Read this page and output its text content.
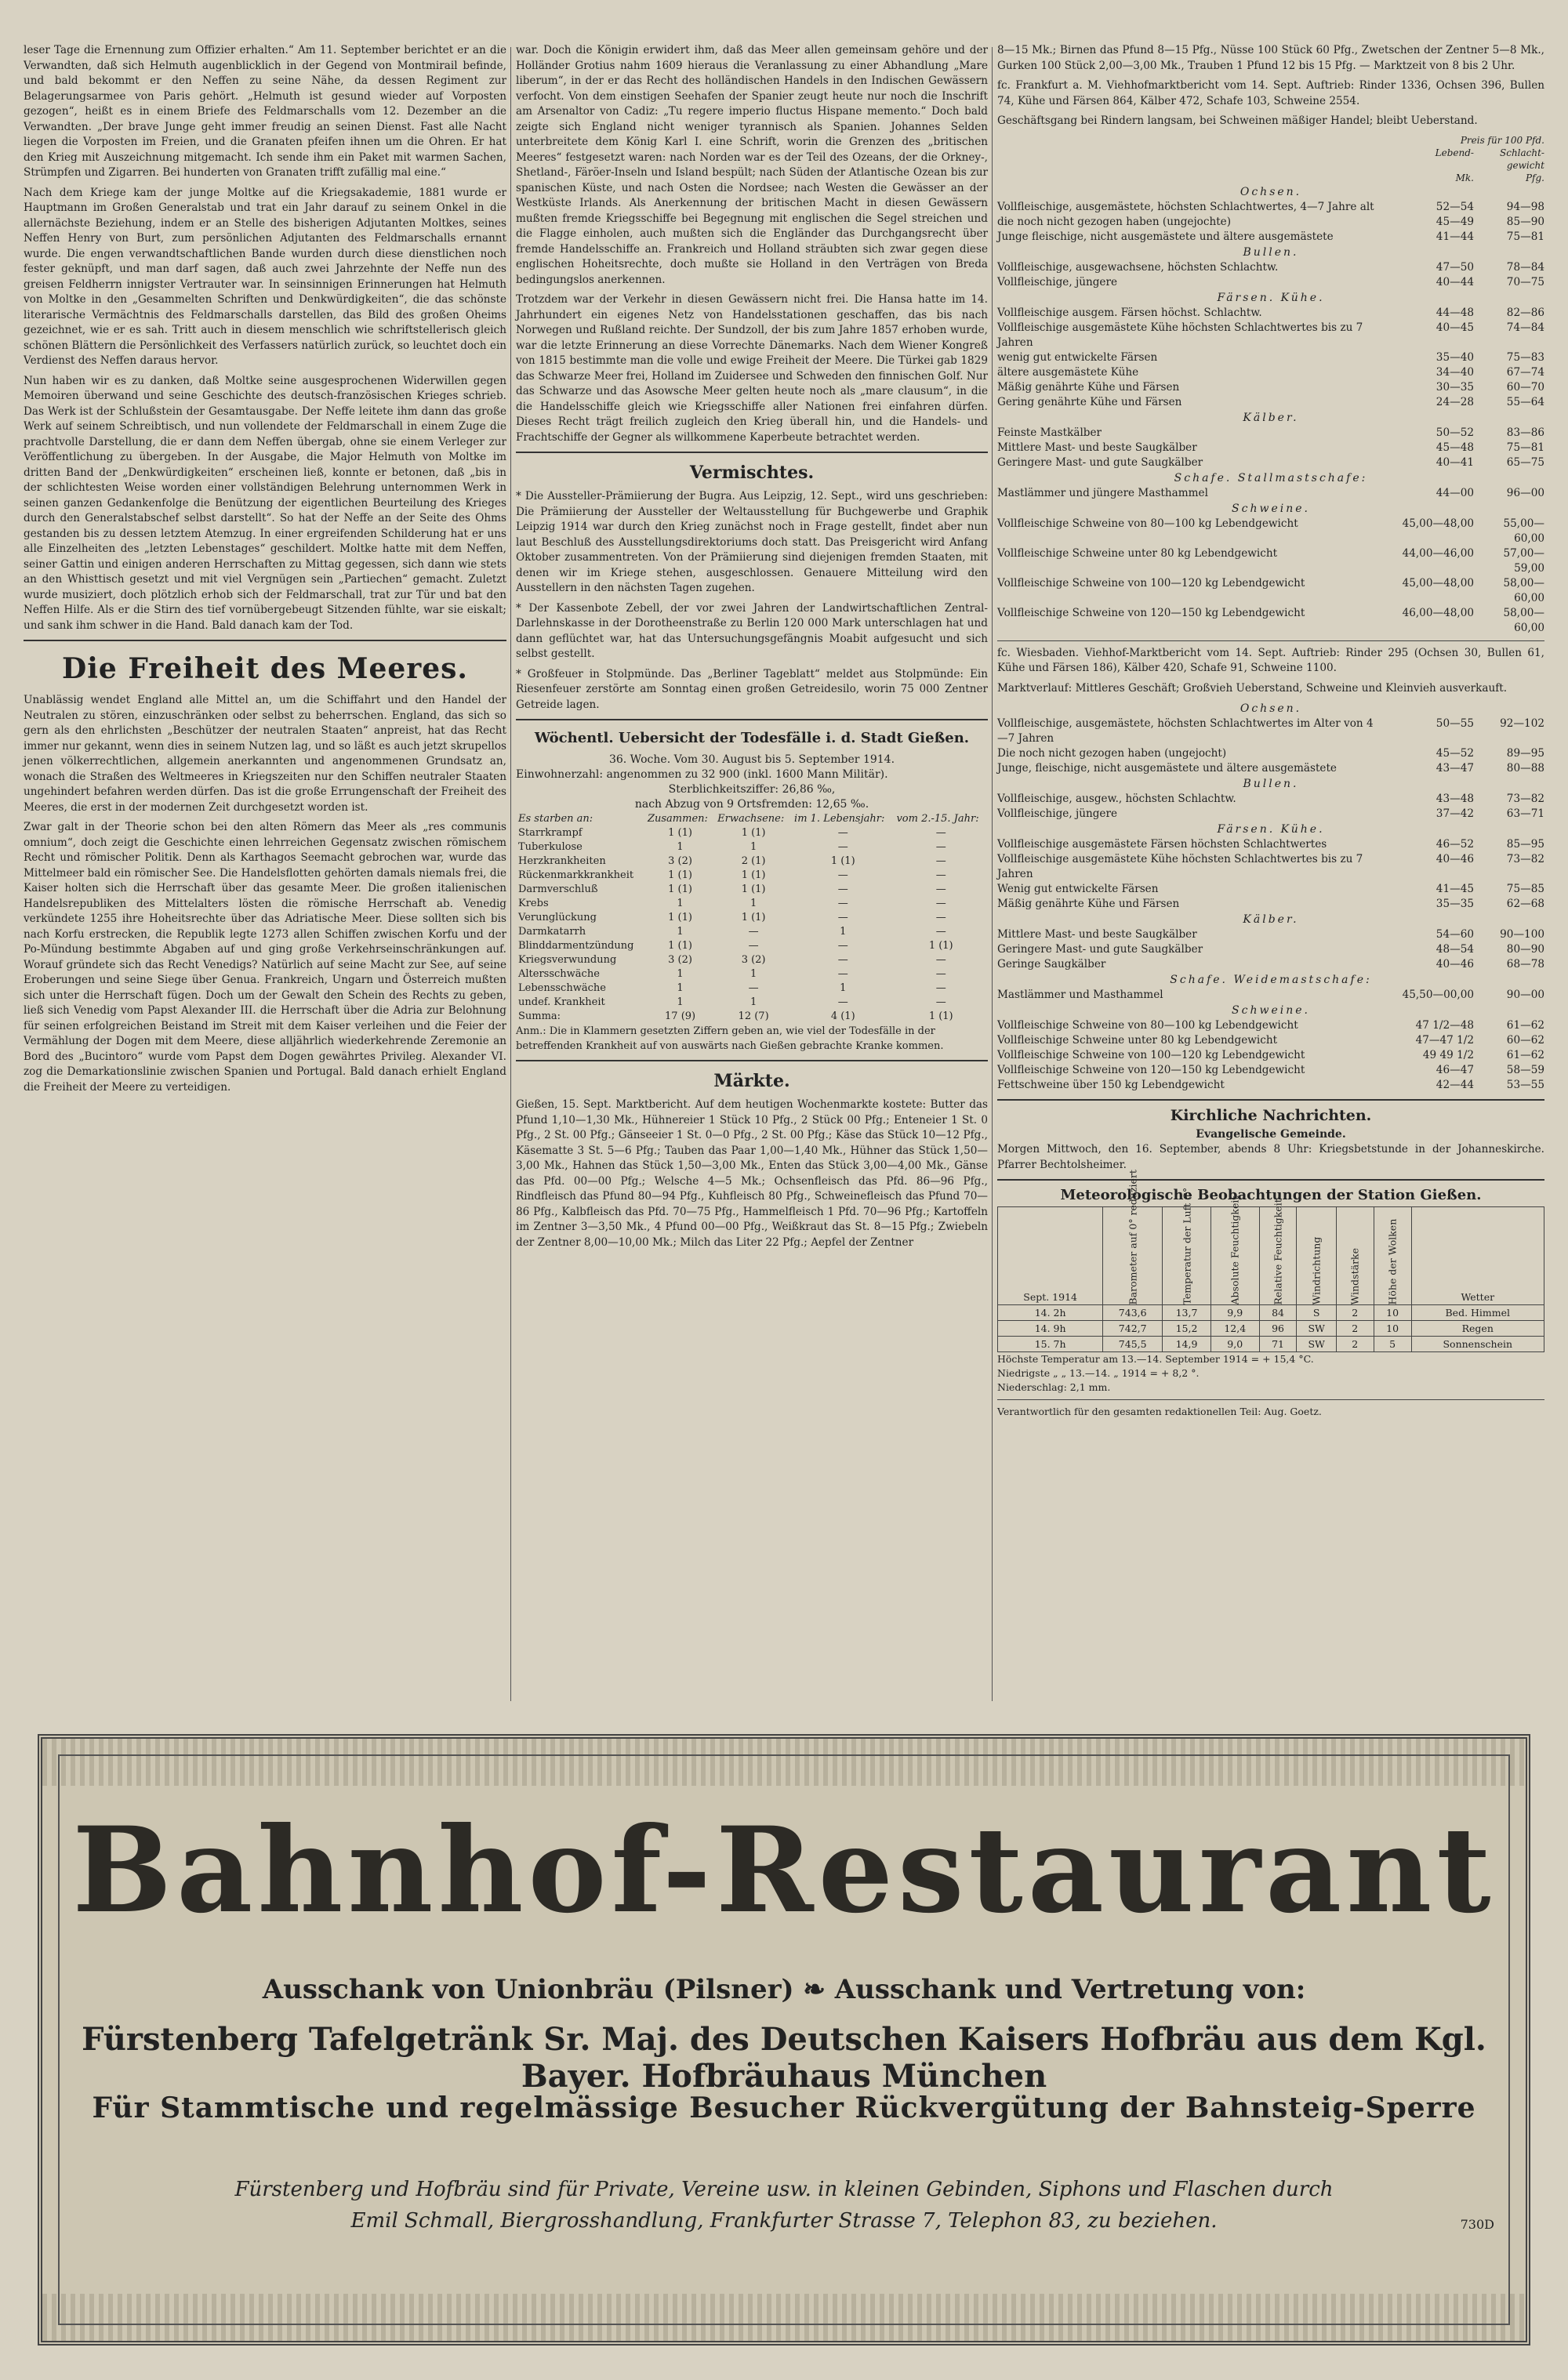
leser Tage die Ernennung zum Offizier erhalten.“ Am 11. September berichtet er an die Verwandten, daß sich Helmuth augenblicklich in der Gegend von Montmirail befinde, und bald bekommt er den Neffen zu seine Nähe, da dessen Regiment zur Belagerungsarmee von Paris gehört. „Helmuth ist gesund wieder auf Vorposten gezogen“, heißt es in einem Briefe des Feldmarschalls vom 12. Dezember an die Verwandten. „Der brave Junge geht immer freudig an seinen Dienst. Fast alle Nacht liegen die Vorposten im Freien, und die Granaten pfeifen ihnen um die Ohren. Er hat den Krieg mit Auszeichnung mitgemacht. Ich sende ihm ein Paket mit warmen Sachen, Strümpfen und Zigarren. Bei hunderten von Granaten trifft zufällig mal eine.“

Nach dem Kriege kam der junge Moltke auf die Kriegsakademie, 1881 wurde er Hauptmann im Großen Generalstab und trat ein Jahr darauf zu seinem Onkel in die allernächste Beziehung, indem er an Stelle des bisherigen Adjutanten Moltkes, seines Neffen Henry von Burt, zum persönlichen Adjutanten des Feldmarschalls ernannt wurde. Die engen verwandtschaftlichen Bande wurden durch diese dienstlichen noch fester geknüpft, und man darf sagen, daß auch zwei Jahrzehnte der Neffe nun des greisen Feldherrn innigster Vertrauter war. In seinsinnigen Erinnerungen hat Helmuth von Moltke in den „Gesammelten Schriften und Denkwürdigkeiten“, die das schönste literarische Vermächtnis des Feldmarschalls darstellen, das Bild des großen Oheims gezeichnet, wie er es sah. Tritt auch in diesem menschlich wie schriftstellerisch gleich schönen Blättern die Persönlichkeit des Verfassers natürlich zurück, so leuchtet doch ein Verdienst des Neffen daraus hervor.

Nun haben wir es zu danken, daß Moltke seine ausgesprochenen Widerwillen gegen Memoiren überwand und seine Geschichte des deutsch-französischen Krieges schrieb. Das Werk ist der Schlußstein der Gesamtausgabe. Der Neffe leitete ihm dann das große Werk auf seinem Schreibtisch, und nun vollendete der Feldmarschall in einem Zuge die prachtvolle Darstellung, die er dann dem Neffen übergab, ohne sie einem Verleger zur Veröffentlichung zu übergeben. In der Ausgabe, die Major Helmuth von Moltke im dritten Band der „Denkwürdigkeiten“ erscheinen ließ, konnte er betonen, daß „bis in der schlichtesten Weise worden einer vollständigen Belehrung unternommen Werk in seinen ganzen Gedankenfolge die Benützung der eigentlichen Beurteilung des Krieges durch den Generalstabschef selbst darstellt“. So hat der Neffe an der Seite des Ohms gestanden bis zu dessen letztem Atemzug. In einer ergreifenden Schilderung hat er uns alle Einzelheiten des „letzten Lebenstages“ geschildert. Moltke hatte mit dem Neffen, seiner Gattin und einigen anderen Herrschaften zu Mittag gegessen, sich dann wie stets an den Whisttisch gesetzt und mit viel Vergnügen sein „Partiechen“ gemacht. Zuletzt wurde musiziert, doch plötzlich erhob sich der Feldmarschall, trat zur Tür und bat den Neffen Hilfe. Als er die Stirn des tief vornübergebeugt Sitzenden fühlte, war sie eiskalt; und sank ihm schwer in die Hand. Bald danach kam der Tod.

Die Freiheit des Meeres.

Unablässig wendet England alle Mittel an, um die Schiffahrt und den Handel der Neutralen zu stören, einzuschränken oder selbst zu beherrschen. England, das sich so gern als den ehrlichsten „Beschützer der neutralen Staaten“ anpreist, hat das Recht immer nur gekannt, wenn dies in seinem Nutzen lag, und so läßt es auch jetzt skrupellos jenen völkerrechtlichen, allgemein anerkannten und angenommenen Grundsatz an, wonach die Straßen des Weltmeeres in Kriegszeiten nur den Schiffen neutraler Staaten ungehindert befahren werden dürfen. Das ist die große Errungenschaft der Freiheit des Meeres, die erst in der modernen Zeit durchgesetzt worden ist.

Zwar galt in der Theorie schon bei den alten Römern das Meer als „res communis omnium“, doch zeigt die Geschichte einen lehrreichen Gegensatz zwischen römischem Recht und römischer Politik. Denn als Karthagos Seemacht gebrochen war, wurde das Mittelmeer bald ein römischer See. Die Handelsflotten gehörten damals niemals frei, die Kaiser holten sich die Herrschaft über das gesamte Meer. Die großen italienischen Handelsrepubliken des Mittelalters lösten die römische Herrschaft ab. Venedig verkündete 1255 ihre Hoheitsrechte über das Adriatische Meer. Diese sollten sich bis nach Korfu erstrecken, die Republik legte 1273 allen Schiffen zwischen Korfu und der Po-Mündung bestimmte Abgaben auf und ging große Verkehrseinschränkungen auf. Worauf gründete sich das Recht Venedigs? Natürlich auf seine Macht zur See, auf seine Eroberungen und seine Siege über Genua. Frankreich, Ungarn und Österreich mußten sich unter die Herrschaft fügen. Doch um der Gewalt den Schein des Rechts zu geben, ließ sich Venedig vom Papst Alexander III. die Herrschaft über die Adria zur Belohnung für seinen erfolgreichen Beistand im Streit mit dem Kaiser verleihen und die Feier der Vermählung der Dogen mit dem Meere, diese alljährlich wiederkehrende Zeremonie an Bord des „Bucintoro“ wurde vom Papst dem Dogen gewährtes Privileg. Alexander VI. zog die Demarkationslinie zwischen Spanien und Portugal. Bald danach erhielt England die Freiheit der Meere zu verteidigen.

war. Doch die Königin erwidert ihm, daß das Meer allen gemeinsam gehöre und der Holländer Grotius nahm 1609 hieraus die Veranlassung zu einer Abhandlung „Mare liberum“, in der er das Recht des holländischen Handels in den Indischen Gewässern verfocht. Von dem einstigen Seehafen der Spanier zeugt heute nur noch die Inschrift am Arsenaltor von Cadiz: „Tu regere imperio fluctus Hispane memento.“ Doch bald zeigte sich England nicht weniger tyrannisch als Spanien. Johannes Selden unterbreitete dem König Karl I. eine Schrift, worin die Grenzen des „britischen Meeres“ festgesetzt waren: nach Norden war es der Teil des Ozeans, der die Orkney-, Shetland-, Färöer-Inseln und Island bespült; nach Süden der Atlantische Ozean bis zur spanischen Küste, und nach Osten die Nordsee; nach Westen die Gewässer an der Westküste Irlands. Als Anerkennung der britischen Macht in diesen Gewässern mußten fremde Kriegsschiffe bei Begegnung mit englischen die Segel streichen und die Flagge einholen, auch mußten sich die Engländer das Durchgangsrecht über fremde Handelsschiffe an. Frankreich und Holland sträubten sich zwar gegen diese englischen Hoheitsrechte, doch mußte sie Holland in den Verträgen von Breda bedingungslos anerkennen.

Trotzdem war der Verkehr in diesen Gewässern nicht frei. Die Hansa hatte im 14. Jahrhundert ein eigenes Netz von Handelsstationen geschaffen, das bis nach Norwegen und Rußland reichte. Der Sundzoll, der bis zum Jahre 1857 erhoben wurde, war die letzte Erinnerung an diese Vorrechte Dänemarks. Nach dem Wiener Kongreß von 1815 bestimmte man die volle und ewige Freiheit der Meere. Die Türkei gab 1829 das Schwarze Meer frei, Holland im Zuidersee und Schweden den finnischen Golf. Nur das Schwarze und das Asowsche Meer gelten heute noch als „mare clausum“, in die die Handelsschiffe gleich wie Kriegsschiffe aller Nationen frei einfahren dürfen. Dieses Recht trägt freilich zugleich den Krieg überall hin, und die Handels- und Frachtschiffe der Gegner als willkommene Kaperbeute betrachtet werden.

Vermischtes.

* Die Aussteller-Prämiierung der Bugra. Aus Leipzig, 12. Sept., wird uns geschrieben: Die Prämiierung der Aussteller der Weltausstellung für Buchgewerbe und Graphik Leipzig 1914 war durch den Krieg zunächst noch in Frage gestellt, findet aber nun laut Beschluß des Ausstellungsdirektoriums doch statt. Das Preisgericht wird Anfang Oktober zusammentreten. Von der Prämiierung sind diejenigen fremden Staaten, mit denen wir im Kriege stehen, ausgeschlossen. Genauere Mitteilung wird den Ausstellern in den nächsten Tagen zugehen.

* Der Kassenbote Zebell, der vor zwei Jahren der Landwirtschaftlichen Zentral-Darlehnskasse in der Dorotheenstraße zu Berlin 120 000 Mark unterschlagen hat und dann geflüchtet war, hat das Untersuchungsgefängnis Moabit aufgesucht und sich selbst gestellt.

* Großfeuer in Stolpmünde. Das „Berliner Tageblatt“ meldet aus Stolpmünde: Ein Riesenfeuer zerstörte am Sonntag einen großen Getreidesilo, worin 75 000 Zentner Getreide lagen.

Wöchentl. Uebersicht der Todesfälle i. d. Stadt Gießen.
36. Woche. Vom 30. August bis 5. September 1914.
Einwohnerzahl: angenommen zu 32 900 (inkl. 1600 Mann Militär).
Sterblichkeitsziffer: 26,86 ‰,
nach Abzug von 9 Ortsfremden: 12,65 ‰.
Es starben an:	Zusammen:	Erwachsene:	im 1. Lebensjahr:	vom 2.-15. Jahr:
Starrkrampf	1 (1)	1 (1)	—	—
Tuberkulose	1	1	—	—
Herzkrankheiten	3 (2)	2 (1)	1 (1)	—
Rückenmarkkrankheit	1 (1)	1 (1)	—	—
Darmverschluß	1 (1)	1 (1)	—	—
Krebs	1	1	—	—
Verunglückung	1 (1)	1 (1)	—	—
Darmkatarrh	1	—	1	—
Blinddarmentzündung	1 (1)	—	—	1 (1)
Kriegsverwundung	3 (2)	3 (2)	—	—
Altersschwäche	1	1	—	—
Lebensschwäche	1	—	1	—
undef. Krankheit	1	1	—	—
Summa:	17 (9)	12 (7)	4 (1)	1 (1)
Anm.: Die in Klammern gesetzten Ziffern geben an, wie viel der Todesfälle in der betreffenden Krankheit auf von auswärts nach Gießen gebrachte Kranke kommen.
Märkte.

Gießen, 15. Sept. Marktbericht. Auf dem heutigen Wochenmarkte kostete: Butter das Pfund 1,10—1,30 Mk., Hühnereier 1 Stück 10 Pfg., 2 Stück 00 Pfg.; Enteneier 1 St. 0 Pfg., 2 St. 00 Pfg.; Gänseeier 1 St. 0—0 Pfg., 2 St. 00 Pfg.; Käse das Stück 10—12 Pfg., Käsematte 3 St. 5—6 Pfg.; Tauben das Paar 1,00—1,40 Mk., Hühner das Stück 1,50—3,00 Mk., Hahnen das Stück 1,50—3,00 Mk., Enten das Stück 3,00—4,00 Mk., Gänse das Pfd. 00—00 Pfg.; Welsche 4—5 Mk.; Ochsenfleisch das Pfd. 86—96 Pfg., Rindfleisch das Pfund 80—94 Pfg., Kuhfleisch 80 Pfg., Schweinefleisch das Pfund 70—86 Pfg., Kalbfleisch das Pfd. 70—75 Pfg., Hammelfleisch 1 Pfd. 70—96 Pfg.; Kartoffeln im Zentner 3—3,50 Mk., 4 Pfund 00—00 Pfg., Weißkraut das St. 8—15 Pfg.; Zwiebeln der Zentner 8,00—10,00 Mk.; Milch das Liter 22 Pfg.; Aepfel der Zentner

8—15 Mk.; Birnen das Pfund 8—15 Pfg., Nüsse 100 Stück 60 Pfg., Zwetschen der Zentner 5—8 Mk., Gurken 100 Stück 2,00—3,00 Mk., Trauben 1 Pfund 12 bis 15 Pfg. — Marktzeit von 8 bis 2 Uhr.

fc. Frankfurt a. M. Viehhofmarktbericht vom 14. Sept. Auftrieb: Rinder 1336, Ochsen 396, Bullen 74, Kühe und Färsen 864, Kälber 472, Schafe 103, Schweine 2554.

Geschäftsgang bei Rindern langsam, bei Schweinen mäßiger Handel; bleibt Ueberstand.

Preis für 100 Pfd.
Lebend-	Schlacht-
gewicht
Mk.	Pfg.
Ochsen.
Vollfleischige, ausgemästete, höchsten Schlachtwertes, 4—7 Jahre alt	52—54	94—98
die noch nicht gezogen haben (ungejochte)	45—49	85—90
Junge fleischige, nicht ausgemästete und ältere ausgemästete	41—44	75—81
Bullen.
Vollfleischige, ausgewachsene, höchsten Schlachtw.	47—50	78—84
Vollfleischige, jüngere	40—44	70—75
Färsen. Kühe.
Vollfleischige ausgem. Färsen höchst. Schlachtw.	44—48	82—86
Vollfleischige ausgemästete Kühe höchsten Schlachtwertes bis zu 7 Jahren
40—45	74—84
wenig gut entwickelte Färsen	35—40	75—83
ältere ausgemästete Kühe	34—40	67—74
Mäßig genährte Kühe und Färsen	30—35	60—70
Gering genährte Kühe und Färsen	24—28	55—64
Kälber.
Feinste Mastkälber	50—52	83—86
Mittlere Mast- und beste Saugkälber	45—48	75—81
Geringere Mast- und gute Saugkälber	40—41	65—75
Schafe. Stallmastschafe:
Mastlämmer und jüngere Masthammel	44—00	96—00
Schweine.
Vollfleischige Schweine von 80—100 kg Lebendgewicht	45,00—48,00	55,00—60,00
Vollfleischige Schweine unter 80 kg Lebendgewicht	44,00—46,00	57,00—59,00
Vollfleischige Schweine von 100—120 kg Lebendgewicht	45,00—48,00	58,00—60,00
Vollfleischige Schweine von 120—150 kg Lebendgewicht	46,00—48,00	58,00—60,00

fc. Wiesbaden. Viehhof-Marktbericht vom 14. Sept. Auftrieb: Rinder 295 (Ochsen 30, Bullen 61, Kühe und Färsen 186), Kälber 420, Schafe 91, Schweine 1100.

Marktverlauf: Mittleres Geschäft; Großvieh Ueberstand, Schweine und Kleinvieh ausverkauft.

Ochsen.
Vollfleischige, ausgemästete, höchsten Schlachtwertes im Alter von 4—7 Jahren
50—55	92—102
Die noch nicht gezogen haben (ungejocht)	45—52	89—95
Junge, fleischige, nicht ausgemästete und ältere ausgemästete	43—47	80—88
Bullen.
Vollfleischige, ausgew., höchsten Schlachtw.	43—48	73—82
Vollfleischige, jüngere	37—42	63—71
Färsen. Kühe.
Vollfleischige ausgemästete Färsen höchsten Schlachtwertes	46—52	85—95
Vollfleischige ausgemästete Kühe höchsten Schlachtwertes bis zu 7 Jahren
40—46	73—82
Wenig gut entwickelte Färsen	41—45	75—85
Mäßig genährte Kühe und Färsen	35—35	62—68
Kälber.
Mittlere Mast- und beste Saugkälber	54—60	90—100
Geringere Mast- und gute Saugkälber	48—54	80—90
Geringe Saugkälber	40—46	68—78
Schafe. Weidemastschafe:
Mastlämmer und Masthammel	45,50—00,00	90—00
Schweine.
Vollfleischige Schweine von 80—100 kg Lebendgewicht	47 1/2—48	61—62
Vollfleischige Schweine unter 80 kg Lebendgewicht	47—47 1/2	60—62
Vollfleischige Schweine von 100—120 kg Lebendgewicht	49 49 1/2	61—62
Vollfleischige Schweine von 120—150 kg Lebendgewicht	46—47	58—59
Fettschweine über 150 kg Lebendgewicht	42—44	53—55
Kirchliche Nachrichten.
Evangelische Gemeinde.

Morgen Mittwoch, den 16. September, abends 8 Uhr: Kriegsbetstunde in der Johanneskirche. Pfarrer Bechtolsheimer.

Meteorologische Beobachtungen der Station Gießen.
Sept. 1914	Barometer auf 0° reduziert	Temperatur der Luft C°	Absolute Feuchtigkeit	Relative Feuchtigkeit	Windrichtung	Windstärke	Höhe der Wolken	Wetter
14. 2h	743,6	13,7	9,9	84	S	2	10	Bed. Himmel
14. 9h	742,7	15,2	12,4	96	SW	2	10	Regen
15. 7h	745,5	14,9	9,0	71	SW	2	5	Sonnenschein
Höchste Temperatur am 13.—14. September 1914 = + 15,4 °C.
Niedrigste „ „ 13.—14. „ 1914 = + 8,2 °.
Niederschlag: 2,1 mm.
Verantwortlich für den gesamten redaktionellen Teil: Aug. Goetz.
Bahnhof-Restaurant
Ausschank von Unionbräu (Pilsner) ❧ Ausschank und Vertretung von:
Fürstenberg Tafelgetränk Sr. Maj. des Deutschen Kaisers Hofbräu aus dem Kgl. Bayer. Hofbräuhaus München
Für Stammtische und regelmässige Besucher Rückvergütung der Bahnsteig-Sperre
Fürstenberg und Hofbräu sind für Private, Vereine usw. in kleinen Gebinden, Siphons und Flaschen durch
Emil Schmall, Biergrosshandlung, Frankfurter Strasse 7, Telephon 83, zu beziehen.	730D
